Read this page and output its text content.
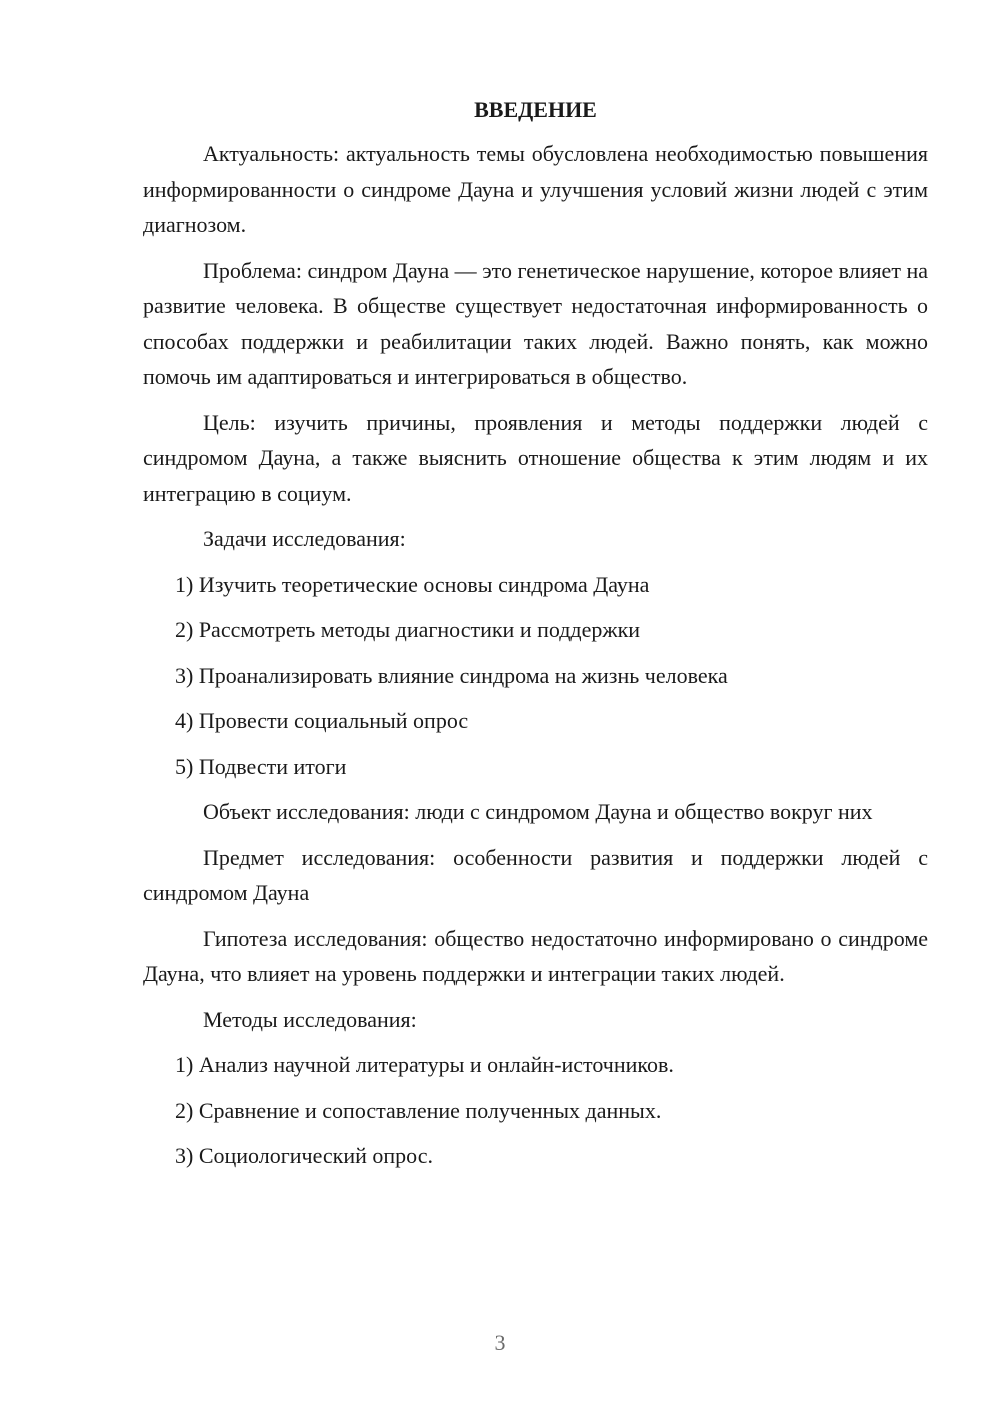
ВВЕДЕНИЕ

Актуальность: актуальность темы обусловлена необходимостью повышения информированности о синдроме Дауна и улучшения условий жизни людей с этим диагнозом.

Проблема: синдром Дауна — это генетическое нарушение, которое влияет на развитие человека. В обществе существует недостаточная информированность о способах поддержки и реабилитации таких людей. Важно понять, как можно помочь им адаптироваться и интегрироваться в общество.

Цель: изучить причины, проявления и методы поддержки людей с синдромом Дауна, а также выяснить отношение общества к этим людям и их интеграцию в социум.

Задачи исследования:

1) Изучить теоретические основы синдрома Дауна
2) Рассмотреть методы диагностики и поддержки
3) Проанализировать влияние синдрома на жизнь человека
4) Провести социальный опрос
5) Подвести итоги

Объект исследования: люди с синдромом Дауна и общество вокруг них

Предмет исследования: особенности развития и поддержки людей с синдромом Дауна

Гипотеза исследования: общество недостаточно информировано о синдроме Дауна, что влияет на уровень поддержки и интеграции таких людей.

Методы исследования:

1) Анализ научной литературы и онлайн-источников.
2) Сравнение и сопоставление полученных данных.
3) Социологический опрос.
3
